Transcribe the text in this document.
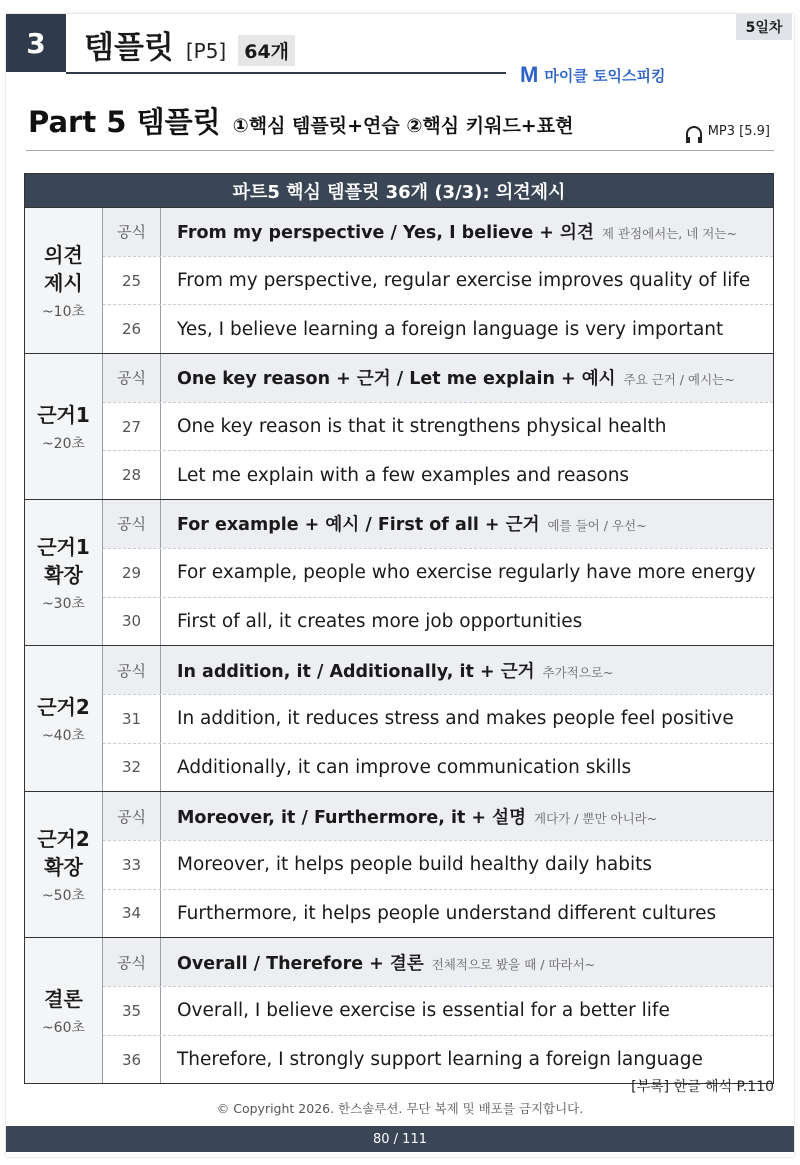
3 템플릿 [P5] 64개
5일차
M 마이클 토익스피킹
Part 5 템플릿 ①핵심 템플릿+연습 ②핵심 키워드+표현	MP3 [5.9]
파트5 핵심 템플릿 36개 (3/3): 의견제시
의견
제시
~10초
공식	From my perspective / Yes, I believe + 의견 제 관점에서는, 네 저는~
25	From my perspective, regular exercise improves quality of life
26	Yes, I believe learning a foreign language is very important
근거1
~20초
공식	One key reason + 근거 / Let me explain + 예시 주요 근거 / 예시는~
27	One key reason is that it strengthens physical health
28	Let me explain with a few examples and reasons
근거1
확장
~30초
공식	For example + 예시 / First of all + 근거 예를 들어 / 우선~
29	For example, people who exercise regularly have more energy
30	First of all, it creates more job opportunities
근거2
~40초
공식	In addition, it / Additionally, it + 근거 추가적으로~
31	In addition, it reduces stress and makes people feel positive
32	Additionally, it can improve communication skills
근거2
확장
~50초
공식	Moreover, it / Furthermore, it + 설명 게다가 / 뿐만 아니라~
33	Moreover, it helps people build healthy daily habits
34	Furthermore, it helps people understand different cultures
결론
~60초
공식	Overall / Therefore + 결론 전체적으로 봤을 때 / 따라서~
35	Overall, I believe exercise is essential for a better life
36	Therefore, I strongly support learning a foreign language
[부록] 한글 해석 P.110
© Copyright 2026. 한스솔루션. 무단 복제 및 배포를 금지합니다.
80 / 111
